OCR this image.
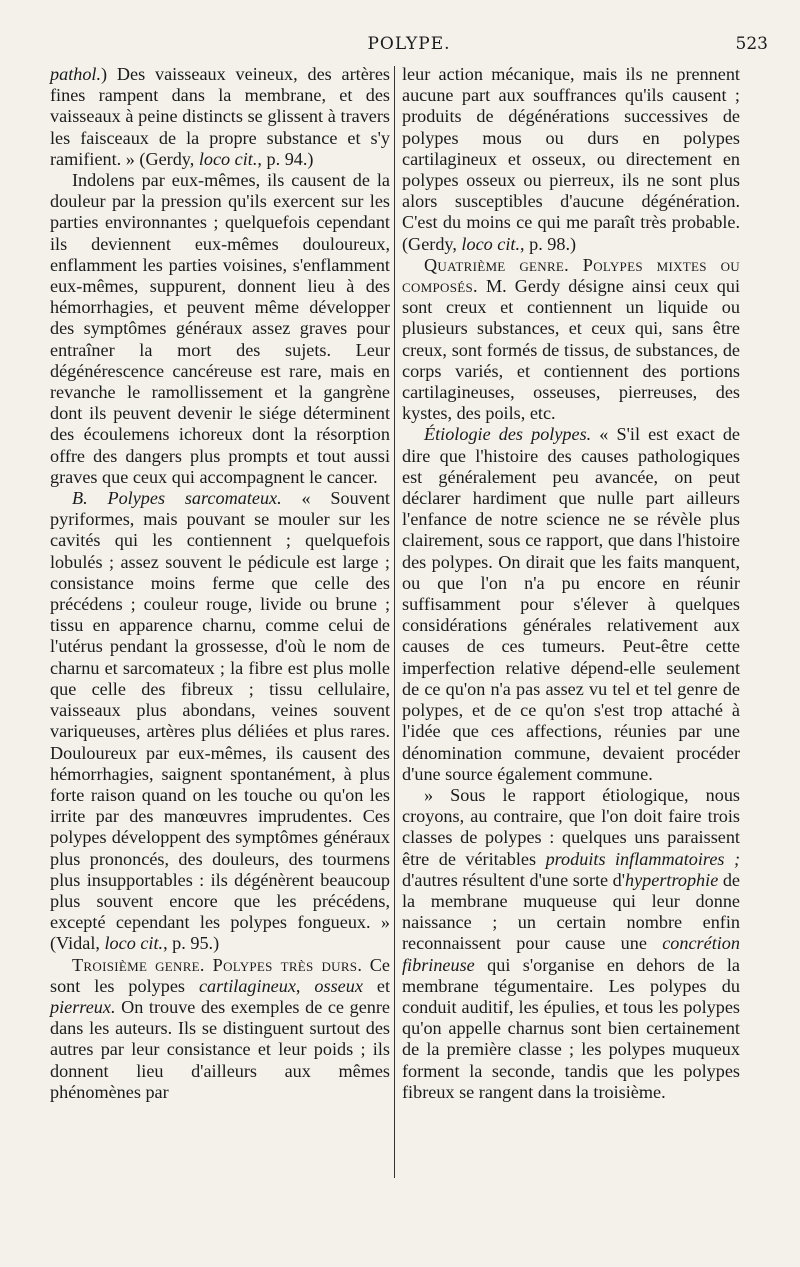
POLYPE.	523

pathol.) Des vaisseaux veineux, des artères fines rampent dans la membrane, et des vaisseaux à peine distincts se glissent à travers les faisceaux de la propre substance et s'y ramifient. » (Gerdy, loco cit., p. 94.)

Indolens par eux-mêmes, ils causent de la douleur par la pression qu'ils exercent sur les parties environnantes ; quelquefois cependant ils deviennent eux-mêmes douloureux, enflamment les parties voisines, s'enflamment eux-mêmes, suppurent, donnent lieu à des hémorrhagies, et peuvent même développer des symptômes généraux assez graves pour entraîner la mort des sujets. Leur dégénérescence cancéreuse est rare, mais en revanche le ramollissement et la gangrène dont ils peuvent devenir le siége déterminent des écoulemens ichoreux dont la résorption offre des dangers plus prompts et tout aussi graves que ceux qui accompagnent le cancer.

B. Polypes sarcomateux. « Souvent pyriformes, mais pouvant se mouler sur les cavités qui les contiennent ; quelquefois lobulés ; assez souvent le pédicule est large ; consistance moins ferme que celle des précédens ; couleur rouge, livide ou brune ; tissu en apparence charnu, comme celui de l'utérus pendant la grossesse, d'où le nom de charnu et sarcomateux ; la fibre est plus molle que celle des fibreux ; tissu cellulaire, vaisseaux plus abondans, veines souvent variqueuses, artères plus déliées et plus rares. Douloureux par eux-mêmes, ils causent des hémorrhagies, saignent spontanément, à plus forte raison quand on les touche ou qu'on les irrite par des manœuvres imprudentes. Ces polypes développent des symptômes généraux plus prononcés, des douleurs, des tourmens plus insupportables : ils dégénèrent beaucoup plus souvent encore que les précédens, excepté cependant les polypes fongueux. » (Vidal, loco cit., p. 95.)

Troisième genre. Polypes très durs. Ce sont les polypes cartilagineux, osseux et pierreux. On trouve des exemples de ce genre dans les auteurs. Ils se distinguent surtout des autres par leur consistance et leur poids ; ils donnent lieu d'ailleurs aux mêmes phénomènes par

leur action mécanique, mais ils ne prennent aucune part aux souffrances qu'ils causent ; produits de dégénérations successives de polypes mous ou durs en polypes cartilagineux et osseux, ou directement en polypes osseux ou pierreux, ils ne sont plus alors susceptibles d'aucune dégénération. C'est du moins ce qui me paraît très probable. (Gerdy, loco cit., p. 98.)

Quatrième genre. Polypes mixtes ou composés. M. Gerdy désigne ainsi ceux qui sont creux et contiennent un liquide ou plusieurs substances, et ceux qui, sans être creux, sont formés de tissus, de substances, de corps variés, et contiennent des portions cartilagineuses, osseuses, pierreuses, des kystes, des poils, etc.

Étiologie des polypes. « S'il est exact de dire que l'histoire des causes pathologiques est généralement peu avancée, on peut déclarer hardiment que nulle part ailleurs l'enfance de notre science ne se révèle plus clairement, sous ce rapport, que dans l'histoire des polypes. On dirait que les faits manquent, ou que l'on n'a pu encore en réunir suffisamment pour s'élever à quelques considérations générales relativement aux causes de ces tumeurs. Peut-être cette imperfection relative dépend-elle seulement de ce qu'on n'a pas assez vu tel et tel genre de polypes, et de ce qu'on s'est trop attaché à l'idée que ces affections, réunies par une dénomination commune, devaient procéder d'une source également commune.

» Sous le rapport étiologique, nous croyons, au contraire, que l'on doit faire trois classes de polypes : quelques uns paraissent être de véritables produits inflammatoires ; d'autres résultent d'une sorte d'hypertrophie de la membrane muqueuse qui leur donne naissance ; un certain nombre enfin reconnaissent pour cause une concrétion fibrineuse qui s'organise en dehors de la membrane tégumentaire. Les polypes du conduit auditif, les épulies, et tous les polypes qu'on appelle charnus sont bien certainement de la première classe ; les polypes muqueux forment la seconde, tandis que les polypes fibreux se rangent dans la troisième.
